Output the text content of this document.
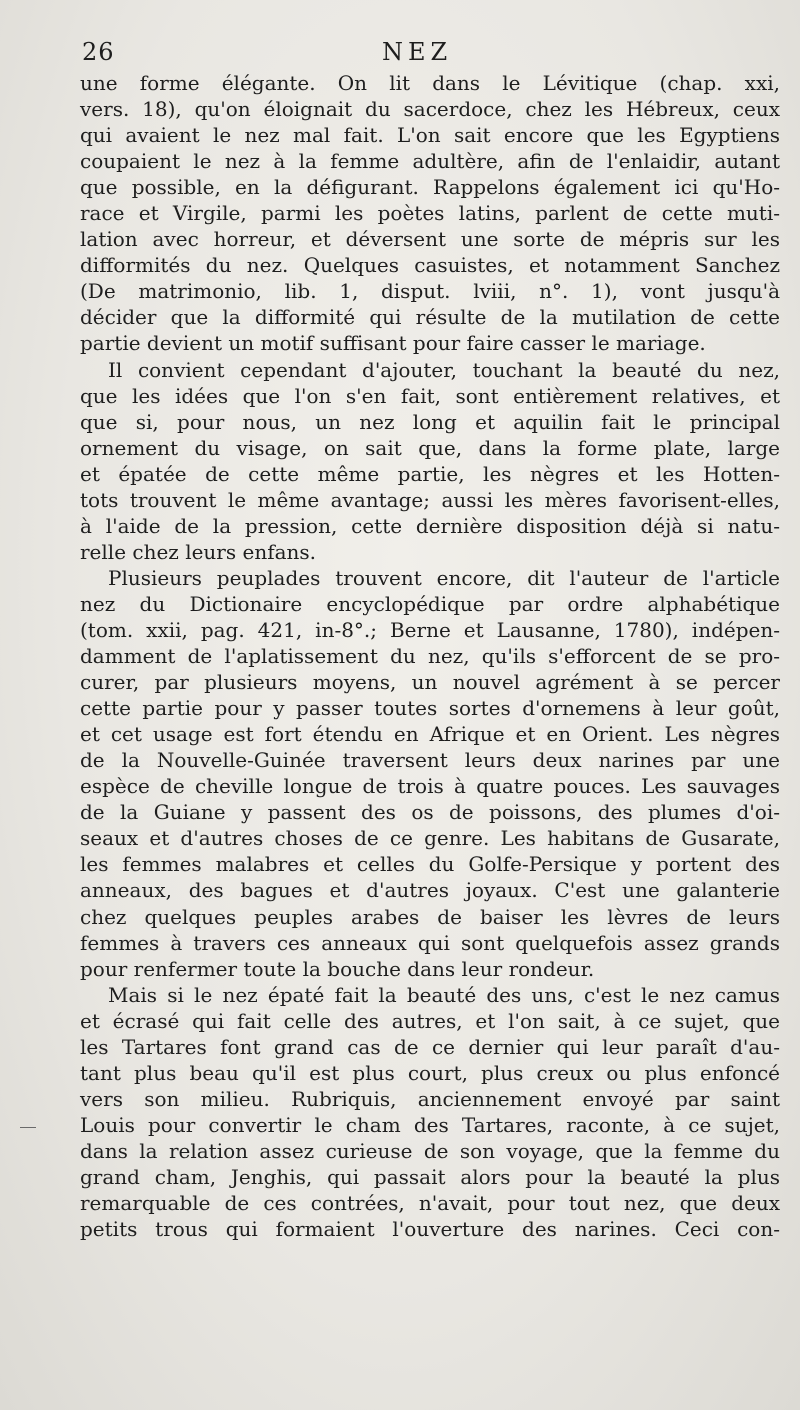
26	NEZ
une forme élégante. On lit dans le Lévitique (chap. xxi,
vers. 18), qu'on éloignait du sacerdoce, chez les Hébreux, ceux
qui avaient le nez mal fait. L'on sait encore que les Egyptiens
coupaient le nez à la femme adultère, afin de l'enlaidir, autant
que possible, en la défigurant. Rappelons également ici qu'Ho-
race et Virgile, parmi les poètes latins, parlent de cette muti-
lation avec horreur, et déversent une sorte de mépris sur les
difformités du nez. Quelques casuistes, et notamment Sanchez
(De matrimonio, lib. 1, disput. lviii, n°. 1), vont jusqu'à
décider que la difformité qui résulte de la mutilation de cette
partie devient un motif suffisant pour faire casser le mariage.
Il convient cependant d'ajouter, touchant la beauté du nez,
que les idées que l'on s'en fait, sont entièrement relatives, et
que si, pour nous, un nez long et aquilin fait le principal
ornement du visage, on sait que, dans la forme plate, large
et épatée de cette même partie, les nègres et les Hotten-
tots trouvent le même avantage; aussi les mères favorisent-elles,
à l'aide de la pression, cette dernière disposition déjà si natu-
relle chez leurs enfans.
Plusieurs peuplades trouvent encore, dit l'auteur de l'article
nez du Dictionaire encyclopédique par ordre alphabétique
(tom. xxii, pag. 421, in-8°.; Berne et Lausanne, 1780), indépen-
damment de l'aplatissement du nez, qu'ils s'efforcent de se pro-
curer, par plusieurs moyens, un nouvel agrément à se percer
cette partie pour y passer toutes sortes d'ornemens à leur goût,
et cet usage est fort étendu en Afrique et en Orient. Les nègres
de la Nouvelle-Guinée traversent leurs deux narines par une
espèce de cheville longue de trois à quatre pouces. Les sauvages
de la Guiane y passent des os de poissons, des plumes d'oi-
seaux et d'autres choses de ce genre. Les habitans de Gusarate,
les femmes malabres et celles du Golfe-Persique y portent des
anneaux, des bagues et d'autres joyaux. C'est une galanterie
chez quelques peuples arabes de baiser les lèvres de leurs
femmes à travers ces anneaux qui sont quelquefois assez grands
pour renfermer toute la bouche dans leur rondeur.
Mais si le nez épaté fait la beauté des uns, c'est le nez camus
et écrasé qui fait celle des autres, et l'on sait, à ce sujet, que
les Tartares font grand cas de ce dernier qui leur paraît d'au-
tant plus beau qu'il est plus court, plus creux ou plus enfoncé
vers son milieu. Rubriquis, anciennement envoyé par saint
Louis pour convertir le cham des Tartares, raconte, à ce sujet,
dans la relation assez curieuse de son voyage, que la femme du
grand cham, Jenghis, qui passait alors pour la beauté la plus
remarquable de ces contrées, n'avait, pour tout nez, que deux
petits trous qui formaient l'ouverture des narines. Ceci con-
